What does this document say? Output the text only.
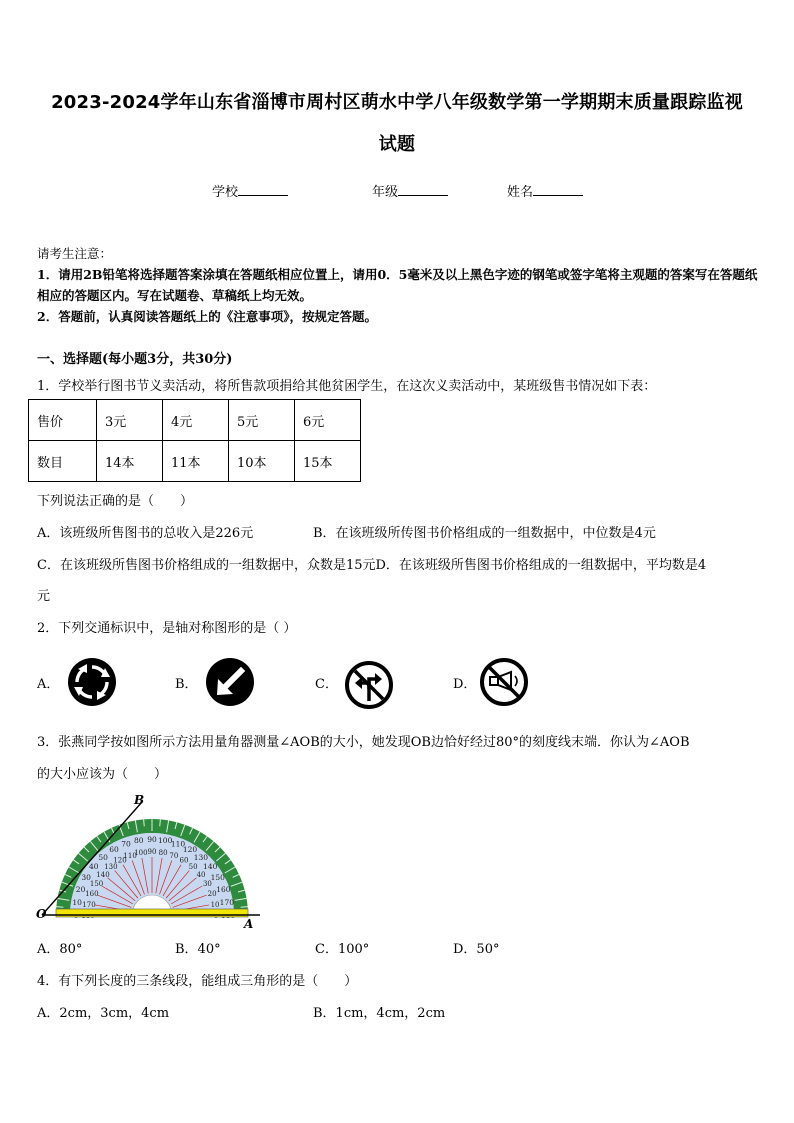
2023-2024学年山东省淄博市周村区萌水中学八年级数学第一学期期末质量跟踪监视
试题
学校	年级	姓名
请考生注意：
1．请用2B铅笔将选择题答案涂填在答题纸相应位置上，请用0．5毫米及以上黑色字迹的钢笔或签字笔将主观题的答案写在答题纸相应的答题区内。写在试题卷、草稿纸上均无效。
2．答题前，认真阅读答题纸上的《注意事项》，按规定答题。
一、选择题(每小题3分，共30分)
1．学校举行图书节义卖活动，将所售款项捐给其他贫困学生，在这次义卖活动中，某班级售书情况如下表：
售价	3元	4元	5元	6元
数目	14本	11本	10本	15本
下列说法正确的是（　　）
A．该班级所售图书的总收入是226元	B．在该班级所传图书价格组成的一组数据中，中位数是4元
C．在该班级所售图书价格组成的一组数据中，众数是15元D．在该班级所售图书价格组成的一组数据中，平均数是4
元
2．下列交通标识中，是轴对称图形的是（ ）
A．	B．	C．	D．
3．张燕同学按如图所示方法用量角器测量∠AOB的大小，她发现OB边恰好经过80°的刻度线末端．你认为∠AOB
的大小应该为（　　）
10
20
30
40
50
60
70 80 90 100
110
120
130
140
150
160
170
170
160
150
140
130
120
110
100 90 80 70
60
50
40
30
20
10
B
O
A
A．80°	B．40°	C．100°	D．50°
4．有下列长度的三条线段，能组成三角形的是（　　）
A．2cm，3cm，4cm	B．1cm，4cm，2cm
